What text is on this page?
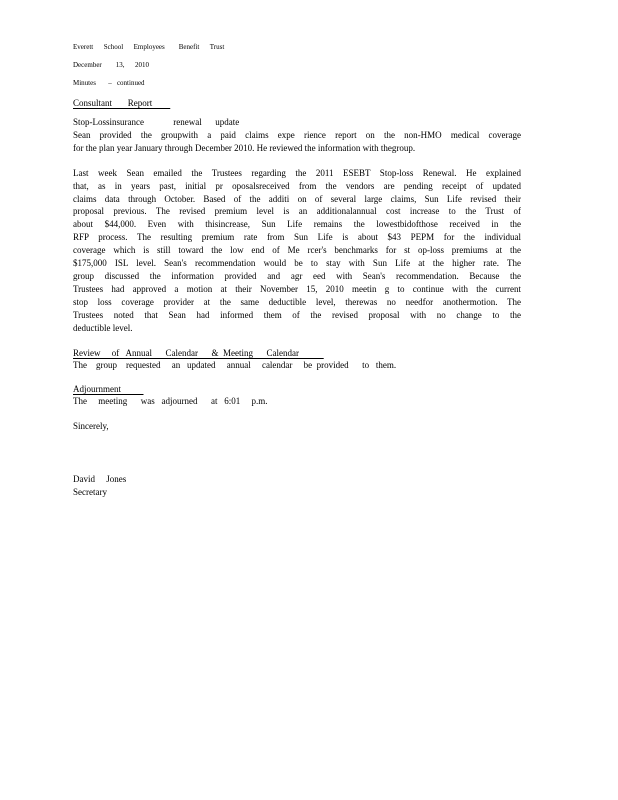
Everett      School      Employees        Benefit      Trust
December        13,      2010
Minutes       –   continued
Consultant       Report
Stop-Lossinsurance             renewal      update
Sean provided the groupwith a paid claims expe rience report on the non-HMO medical coverage
for the plan year January through December 2010. He reviewed the information with thegroup.
Last week Sean emailed the Trustees regarding the 2011 ESEBT Stop-loss Renewal. He explained
that, as in years past, initial pr oposalsreceived from the vendors are pending receipt of updated
claims data through October. Based of the additi on of several large claims, Sun Life revised their
proposal previous. The revised premium level is an additionalannual cost increase to the Trust of
about $44,000. Even with thisincrease, Sun Life remains the lowestbidofthose received in the
RFP process. The resulting premium rate from Sun Life is about $43 PEPM for the individual
coverage which is still toward the low end of Me rcer's benchmarks for st op-loss premiums at the
$175,000 ISL level. Sean's recommendation would be to stay with Sun Life at the higher rate. The
group discussed the information provided and agr eed with Sean's recommendation. Because the
Trustees had approved a motion at their November 15, 2010 meetin g to continue with the current
stop loss coverage provider at the same deductible level, therewas no needfor anothermotion. The
Trustees noted that Sean had informed them of the revised proposal with no change to the
deductible level.
Review     of   Annual      Calendar      &  Meeting      Calendar
The    group    requested     an   updated     annual     calendar     be  provided      to   them.
Adjournment
The     meeting      was   adjourned      at   6:01     p.m.
Sincerely,
David     Jones
Secretary
